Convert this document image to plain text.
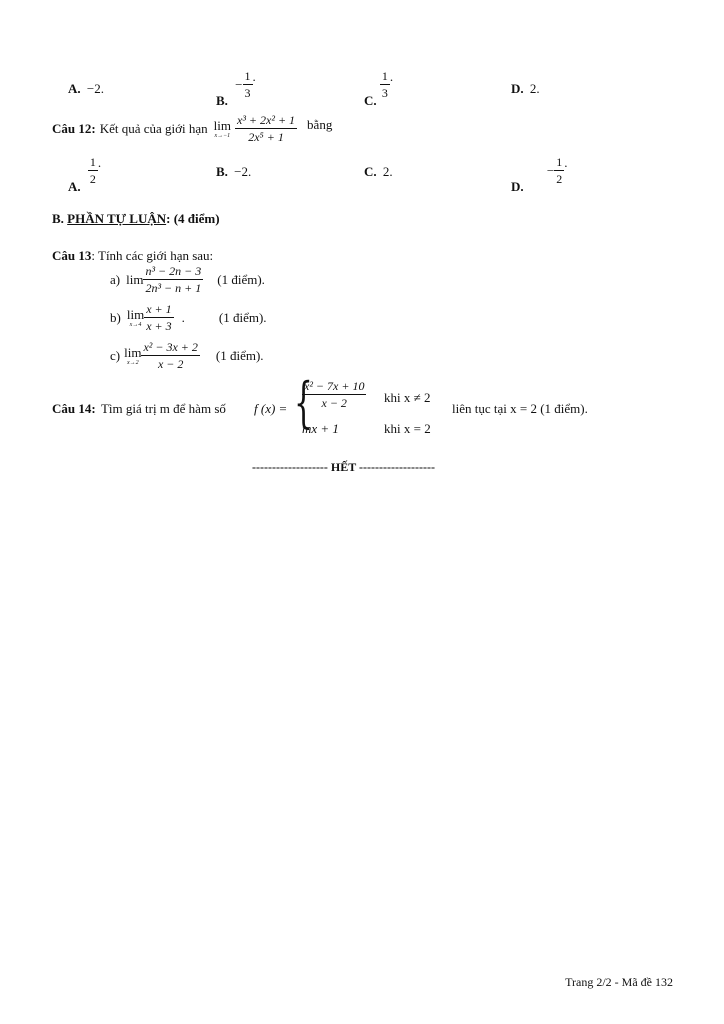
A. −2.
B. − $\frac{1}{3}$ .
C.
$\frac{1}{3}$ .
D. 2.
Câu 12: Kết quả của giới hạn lim
$x\to-1 \frac{\text{x³ + 2x² + 1}}{\text{2x⁵ + 1}}$ bằng
A.
$\frac{1}{2}$ .
B. −2.	C. 2.
D. − $\frac{1}{2}$ .
B. PHẦN TỰ LUẬN: (4 điểm)
Câu 13: Tính các giới hạn sau:
a) $\lim \frac{\text{n³ − 2n − 3}}{\text{2n³ − n + 1}} (1$ điểm).
b) lim
$x\to 4 \frac{x + 1}{x + 3}$ .	(1 điểm).
c) lim
$x\to 2 \frac{\text{x² − 3x + 2}}{x - 2} (1$ điểm).
Câu 14: Tìm giá trị m để hàm số f (x) = {
$\frac{\text{x² − 7x + 10}}{x - 2}$ khi x ≠ 2
mx + 1	khi x = 2
liên tục tại x = 2 (1 điểm).
------------------- HẾT -------------------
Trang 2/2 - Mã đề 132
